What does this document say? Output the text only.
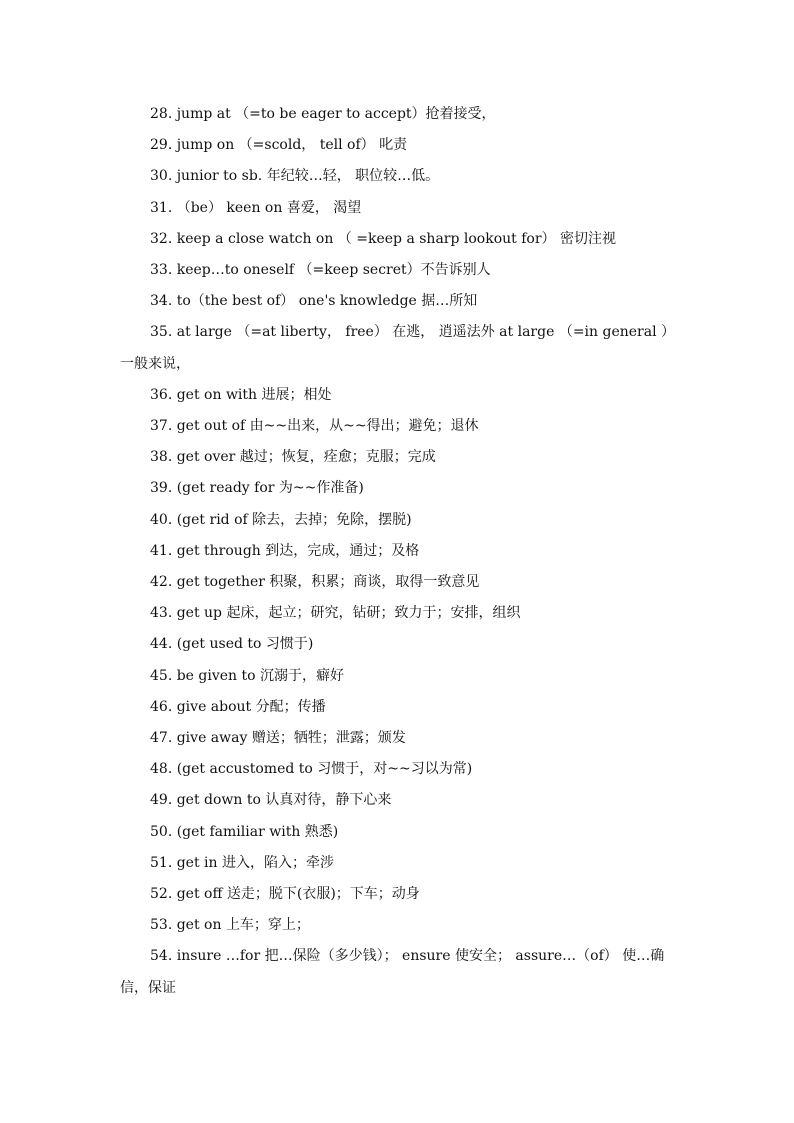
28. jump at （=to be eager to accept）抢着接受，
29. jump on （=scold， tell of） 叱责
30. junior to sb. 年纪较…轻， 职位较…低。
31. （be） keen on 喜爱， 渴望
32. keep a close watch on （ =keep a sharp lookout for） 密切注视
33. keep…to oneself （=keep secret）不告诉别人
34. to（the best of） one's knowledge 据…所知
35. at large （=at liberty， free） 在逃， 逍遥法外 at large （=in general ）一般来说，
36. get on with 进展；相处
37. get out of 由~~出来，从~~得出；避免；退休
38. get over 越过；恢复，痊愈；克服；完成
39. (get ready for 为~~作准备)
40. (get rid of 除去，去掉；免除，摆脱)
41. get through 到达，完成，通过；及格
42. get together 积聚，积累；商谈，取得一致意见
43. get up 起床，起立；研究，钻研；致力于；安排，组织
44. (get used to 习惯于)
45. be given to 沉溺于，癖好
46. give about 分配；传播
47. give away 赠送；牺牲；泄露；颁发
48. (get accustomed to 习惯于，对~~习以为常)
49. get down to 认真对待，静下心来
50. (get familiar with 熟悉)
51. get in 进入，陷入；牵涉
52. get off 送走；脱下(衣服)；下车；动身
53. get on 上车；穿上；
54. insure …for 把…保险（多少钱）； ensure 使安全； assure…（of） 使…确信，保证
